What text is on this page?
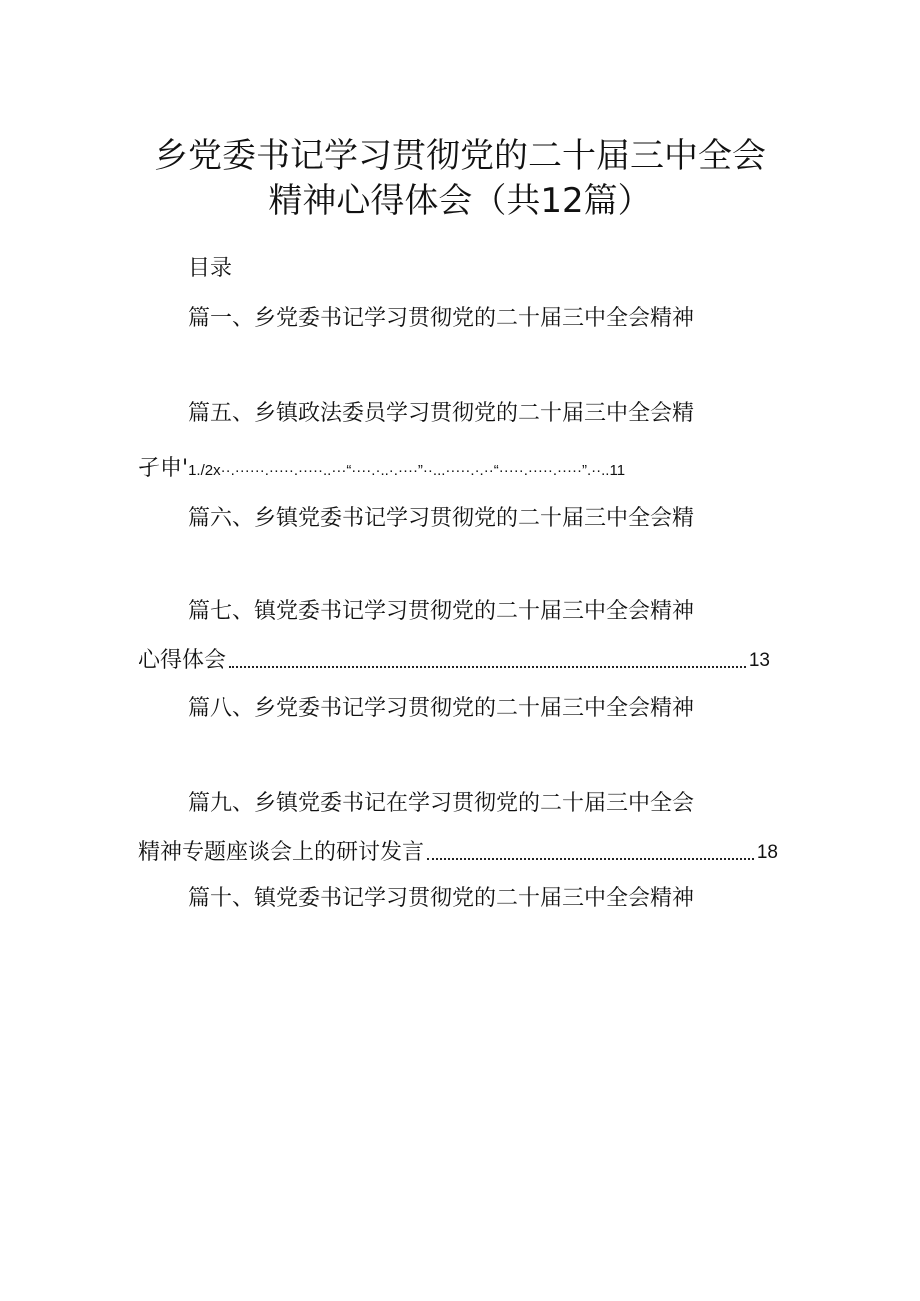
乡党委书记学习贯彻党的二十届三中全会
精神心得体会（共12篇）
目录
篇一、乡党委书记学习贯彻党的二十届三中全会精神
篇五、乡镇政法委员学习贯彻党的二十届三中全会精
孑申'1./2x··.······.·····.·····..···“····.·..·.····”··...·····.·.··“·····.·····.·····”.··..11
篇六、乡镇党委书记学习贯彻党的二十届三中全会精
篇七、镇党委书记学习贯彻党的二十届三中全会精神
心得体会	13
篇八、乡党委书记学习贯彻党的二十届三中全会精神
篇九、乡镇党委书记在学习贯彻党的二十届三中全会
精神专题座谈会上的研讨发言	18
篇十、镇党委书记学习贯彻党的二十届三中全会精神
